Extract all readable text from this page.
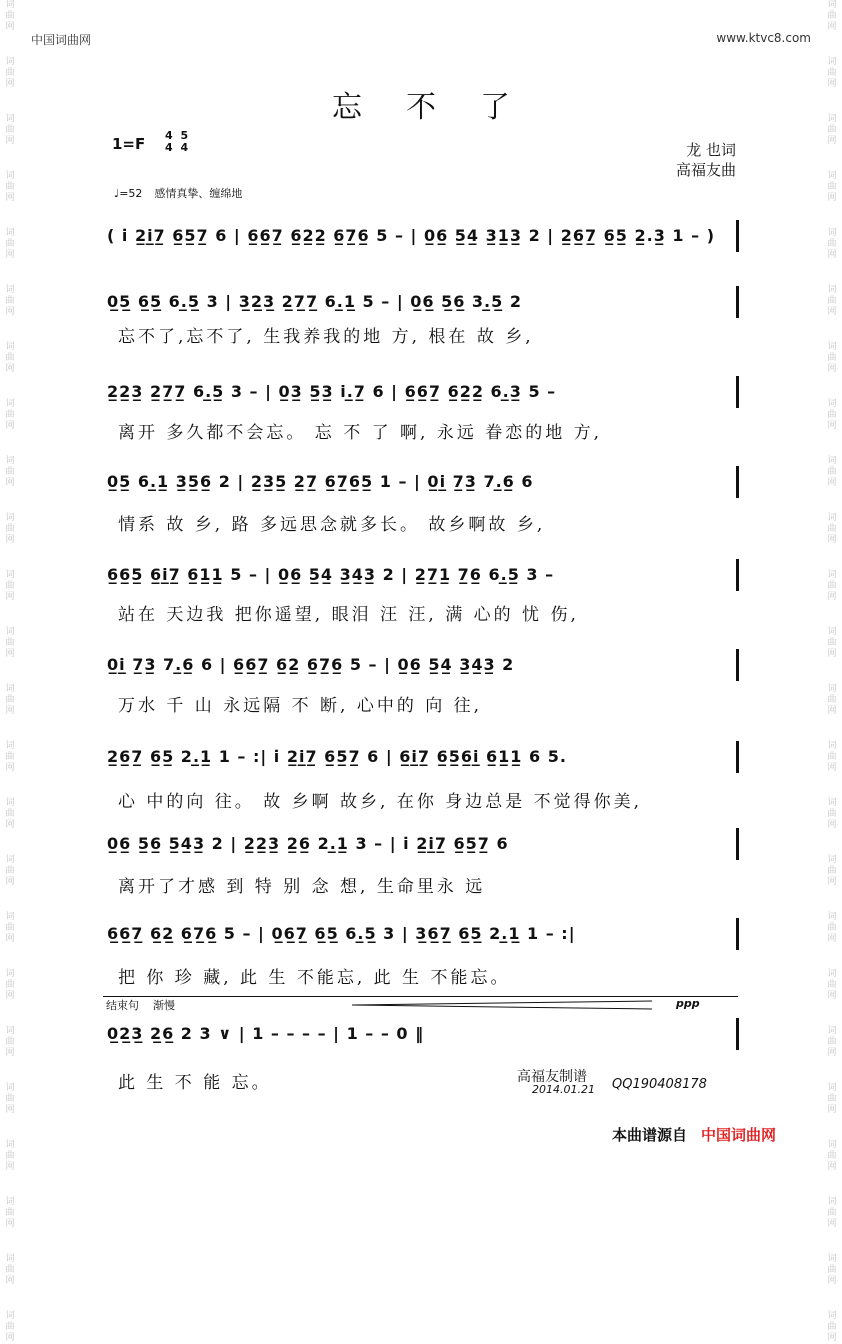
词
曲
网
词
曲
网
词
曲
网
词
曲
网
词
曲
网
词
曲
网
词
曲
网
词
曲
网
词
曲
网
词
曲
网
词
曲
网
词
曲
网
词
曲
网
词
曲
网
词
曲
网
词
曲
网
词
曲
网
词
曲
网
词
曲
网
词
曲
网
词
曲
网
词
曲
网
词
曲
网
词
曲
网
词
曲
网
词
曲
网
词
曲
网
词
曲
网
词
曲
网
词
曲
网
词
曲
网
词
曲
网
词
曲
网
词
曲
网
词
曲
网
词
曲
网
词
曲
网
词
曲
网
词
曲
网
词
曲
网
词
曲
网
词
曲
网
词
曲
网
词
曲
网
词
曲
网
词
曲
网
词
曲
网
词
曲
网
中国词曲网	www.ktvc8.com
忘不了
1=F 4
4

5
4	龙 也词
高福友曲
♩=52 感情真挚、缠绵地
( i̇ 2̲i̲7̲ 6̲5̲7̲ 6 | 6̲6̲7̲ 6̲2̲2̲ 6̲7̲6̲ 5 – | 0̲6̲ 5̲4̲ 3̲1̲3̲ 2 | 2̲6̲7̲ 6̲5̲ 2̲.3̲ 1 – )
0̲5̲ 6̲5̲ 6.̲5̲ 3 | 3̲2̲3̲ 2̲7̲7̲ 6.̲1̲ 5 – | 0̲6̲ 5̲6̲ 3.̲5̲ 2
忘不了,忘不了, 生我养我的地 方, 根在 故 乡,
2̲2̲3̲ 2̲7̲7̲ 6.̲5̲ 3 – | 0̲3̲ 5̲3̲ i.̲7̲ 6 | 6̲6̲7̲ 6̲2̲2̲ 6.̲3̲ 5 –
离开 多久都不会忘。 忘 不 了 啊, 永远 眷恋的地 方,
0̲5̲ 6.̲1̲ 3̲5̲6̲ 2 | 2̲3̲5̲ 2̲7̲ 6̲7̲6̲5̲ 1 – | 0̲i̲ 7̲3̲ 7.̲6̲ 6
情系 故 乡, 路 多远思念就多长。 故乡啊故 乡,
6̲6̲5̲ 6̲i̲7̲ 6̲1̲1̲ 5 – | 0̲6̲ 5̲4̲ 3̲4̲3̲ 2 | 2̲7̲1̲ 7̲6̲ 6.̲5̲ 3 –
站在 天边我 把你遥望, 眼泪 汪 汪, 满 心的 忧 伤,
0̲i̲ 7̲3̲ 7.̲6̲ 6 | 6̲6̲7̲ 6̲2̲ 6̲7̲6̲ 5 – | 0̲6̲ 5̲4̲ 3̲4̲3̲ 2
万水 千 山 永远隔 不 断, 心中的 向 往,
2̲6̲7̲ 6̲5̲ 2.̲1̲ 1 – :| i̇ 2̲i̲7̲ 6̲5̲7̲ 6 | 6̲i̲7̲ 6̲5̲6̲i̲ 6̲1̲1̲ 6 5.
心 中的向 往。 故 乡啊 故乡, 在你 身边总是 不觉得你美,
0̲6̲ 5̲6̲ 5̲4̲3̲ 2 | 2̲2̲3̲ 2̲6̲ 2.̲1̲ 3 – | i̇ 2̲i̲7̲ 6̲5̲7̲ 6
离开了才感 到 特 别 念 想, 生命里永 远
6̲6̲7̲ 6̲2̲ 6̲7̲6̲ 5 – | 0̲6̲7̲ 6̲5̲ 6.̲5̲ 3 | 3̲6̲7̲ 6̲5̲ 2.̲1̲ 1 – :|
把 你 珍 藏, 此 生 不能忘, 此 生 不能忘。
0̲2̲3̲ 2̲6̲ 2 3 ∨ | 1 – – – – | 1 – – 0 ‖
此 生 不 能 忘。
结束句 渐慢	ppp
高福友制谱
2014.01.21 QQ190408178
本曲谱源自 中国词曲网
